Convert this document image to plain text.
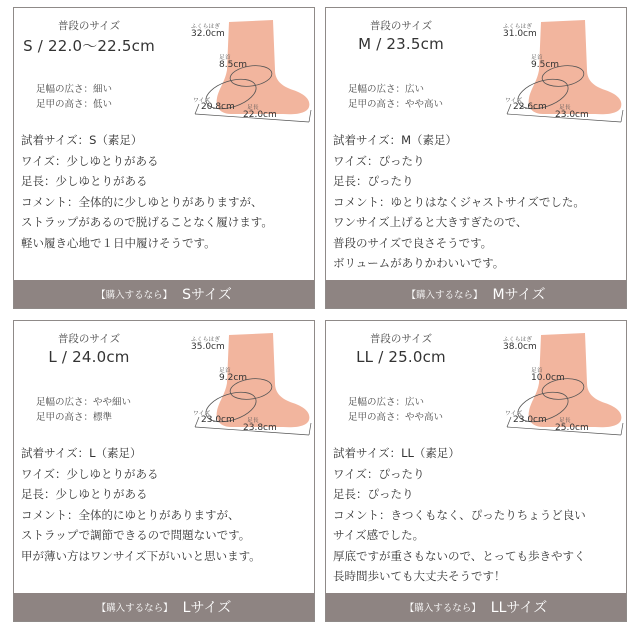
普段のサイズ
S / 22.0〜22.5cm
足幅の広さ：細い
足甲の高さ：低い
ふくらはぎ
32.0cm
足首
8.5cm
ワイズ
20.8cm 足長
22.0cm
試着サイズ：S（素足）
ワイズ：少しゆとりがある
足長：少しゆとりがある
コメント：全体的に少しゆとりがありますが、
ストラップがあるので脱げることなく履けます。
軽い履き心地で１日中履けそうです。
【購入するなら】 Sサイズ
普段のサイズ
M / 23.5cm
足幅の広さ：広い
足甲の高さ：やや高い
ふくらはぎ
31.0cm
足首
9.5cm
ワイズ
22.6cm 足長
23.0cm
試着サイズ：M（素足）
ワイズ：ぴったり
足長：ぴったり
コメント：ゆとりはなくジャストサイズでした。
ワンサイズ上げると大きすぎたので、
普段のサイズで良さそうです。
ボリュームがありかわいいです。
【購入するなら】 Mサイズ
普段のサイズ
L / 24.0cm
足幅の広さ：やや細い
足甲の高さ：標準
ふくらはぎ
35.0cm
足首
9.2cm
ワイズ
23.0cm 足長
23.8cm
試着サイズ：L（素足）
ワイズ：少しゆとりがある
足長：少しゆとりがある
コメント：全体的にゆとりがありますが、
ストラップで調節できるので問題ないです。
甲が薄い方はワンサイズ下がいいと思います。
【購入するなら】 Lサイズ
普段のサイズ
LL / 25.0cm
足幅の広さ：広い
足甲の高さ：やや高い
ふくらはぎ
38.0cm
足首
10.0cm
ワイズ
23.0cm 足長
25.0cm
試着サイズ：LL（素足）
ワイズ：ぴったり
足長：ぴったり
コメント：きつくもなく、ぴったりちょうど良い
サイズ感でした。
厚底ですが重さもないので、とっても歩きやすく
長時間歩いても大丈夫そうです！
【購入するなら】 LLサイズ
